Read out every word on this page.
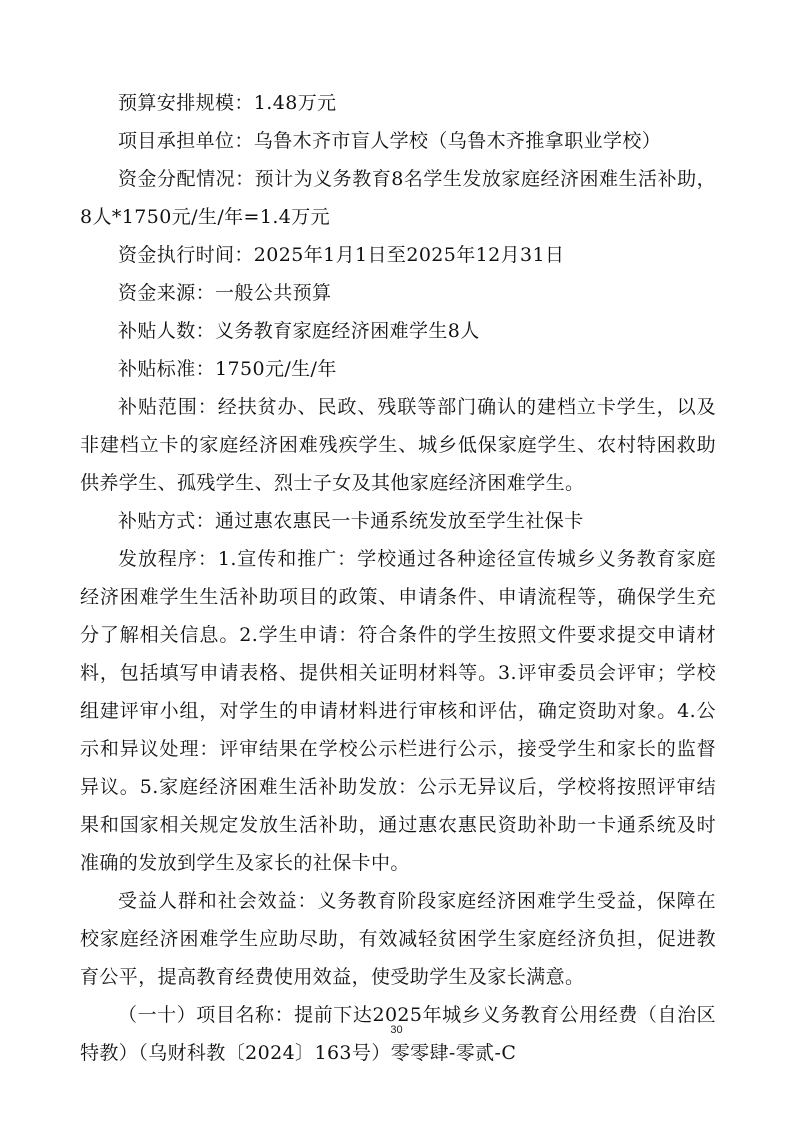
预算安排规模：1.48万元

项目承担单位：乌鲁木齐市盲人学校（乌鲁木齐推拿职业学校）

资金分配情况：预计为义务教育8名学生发放家庭经济困难生活补助，8人*1750元/生/年=1.4万元

资金执行时间：2025年1月1日至2025年12月31日

资金来源：一般公共预算

补贴人数：义务教育家庭经济困难学生8人

补贴标准：1750元/生/年

补贴范围：经扶贫办、民政、残联等部门确认的建档立卡学生，以及非建档立卡的家庭经济困难残疾学生、城乡低保家庭学生、农村特困救助供养学生、孤残学生、烈士子女及其他家庭经济困难学生。

补贴方式：通过惠农惠民一卡通系统发放至学生社保卡

发放程序：1.宣传和推广：学校通过各种途径宣传城乡义务教育家庭经济困难学生生活补助项目的政策、申请条件、申请流程等，确保学生充分了解相关信息。2.学生申请：符合条件的学生按照文件要求提交申请材料，包括填写申请表格、提供相关证明材料等。3.评审委员会评审；学校组建评审小组，对学生的申请材料进行审核和评估，确定资助对象。4.公示和异议处理：评审结果在学校公示栏进行公示，接受学生和家长的监督异议。5.家庭经济困难生活补助发放：公示无异议后，学校将按照评审结果和国家相关规定发放生活补助，通过惠农惠民资助补助一卡通系统及时准确的发放到学生及家长的社保卡中。

受益人群和社会效益：义务教育阶段家庭经济困难学生受益，保障在校家庭经济困难学生应助尽助，有效减轻贫困学生家庭经济负担，促进教育公平，提高教育经费使用效益，使受助学生及家长满意。

（一十）项目名称：提前下达2025年城乡义务教育公用经费（自治区特教）（乌财科教〔2024〕163号）零零肆-零贰-C

30
